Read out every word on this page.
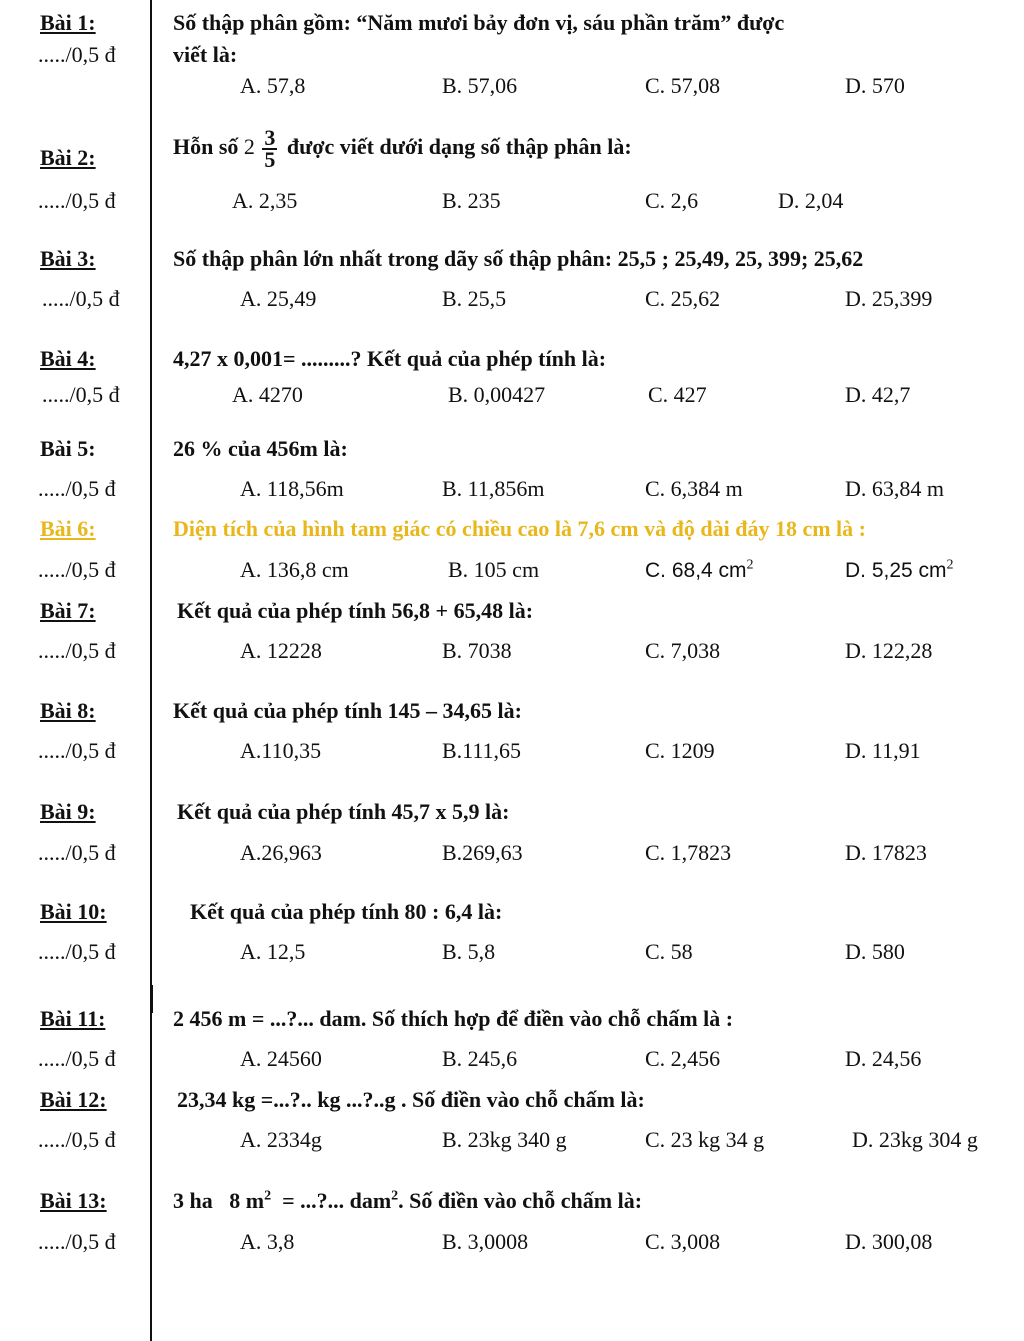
Bài 1:
...../0,5 đ
Số thập phân gồm: “Năm mươi bảy đơn vị, sáu phần trăm” được
viết là:
A. 57,8	B. 57,06	C. 57,08	D. 570
Bài 2:
...../0,5 đ
Hỗn số $2 \frac{3}{5}$ được viết dưới dạng số thập phân là:
A. 2,35	B. 235	C. 2,6	D. 2,04
Bài 3:
...../0,5 đ
Số thập phân lớn nhất trong dãy số thập phân: 25,5 ; 25,49, 25, 399; 25,62
A. 25,49	B. 25,5	C. 25,62	D. 25,399
Bài 4:
...../0,5 đ
4,27 x 0,001= .........? Kết quả của phép tính là:
A. 4270	B. 0,00427	C. 427	D. 42,7
Bài 5:
...../0,5 đ
26 % của 456m là:
A. 118,56m	B. 11,856m	C. 6,384 m	D. 63,84 m
Bài 6:
...../0,5 đ
Diện tích của hình tam giác có chiều cao là 7,6 cm và độ dài đáy 18 cm là :
A. 136,8 cm	B. 105 cm	C. 68,4 $cm^2$	D. 5,25 $cm^2$
Bài 7:
...../0,5 đ
Kết quả của phép tính 56,8 + 65,48 là:
A. 12228	B. 7038	C. 7,038	D. 122,28
Bài 8:
...../0,5 đ
Kết quả của phép tính 145 – 34,65 là:
A.110,35	B.111,65	C. 1209	D. 11,91
Bài 9:
...../0,5 đ
Kết quả của phép tính 45,7 x 5,9 là:
A.26,963	B.269,63	C. 1,7823	D. 17823
Bài 10:
...../0,5 đ
Kết quả của phép tính 80 : 6,4 là:
A. 12,5	B. 5,8	C. 58	D. 580
Bài 11:
...../0,5 đ
2 456 m = ...?... dam. Số thích hợp để điền vào chỗ chấm là :
A. 24560	B. 245,6	C. 2,456	D. 24,56
Bài 12:
...../0,5 đ
23,34 kg =...?.. kg ...?..g . Số điền vào chỗ chấm là:
A. 2334g	B. 23kg 340 g	C. 23 kg 34 g	D. 23kg 304 g
Bài 13:
...../0,5 đ
3 ha   8 $m^2$  = ...?... dam$^2$. Số điền vào chỗ chấm là:
A. 3,8	B. 3,0008	C. 3,008	D. 300,08
